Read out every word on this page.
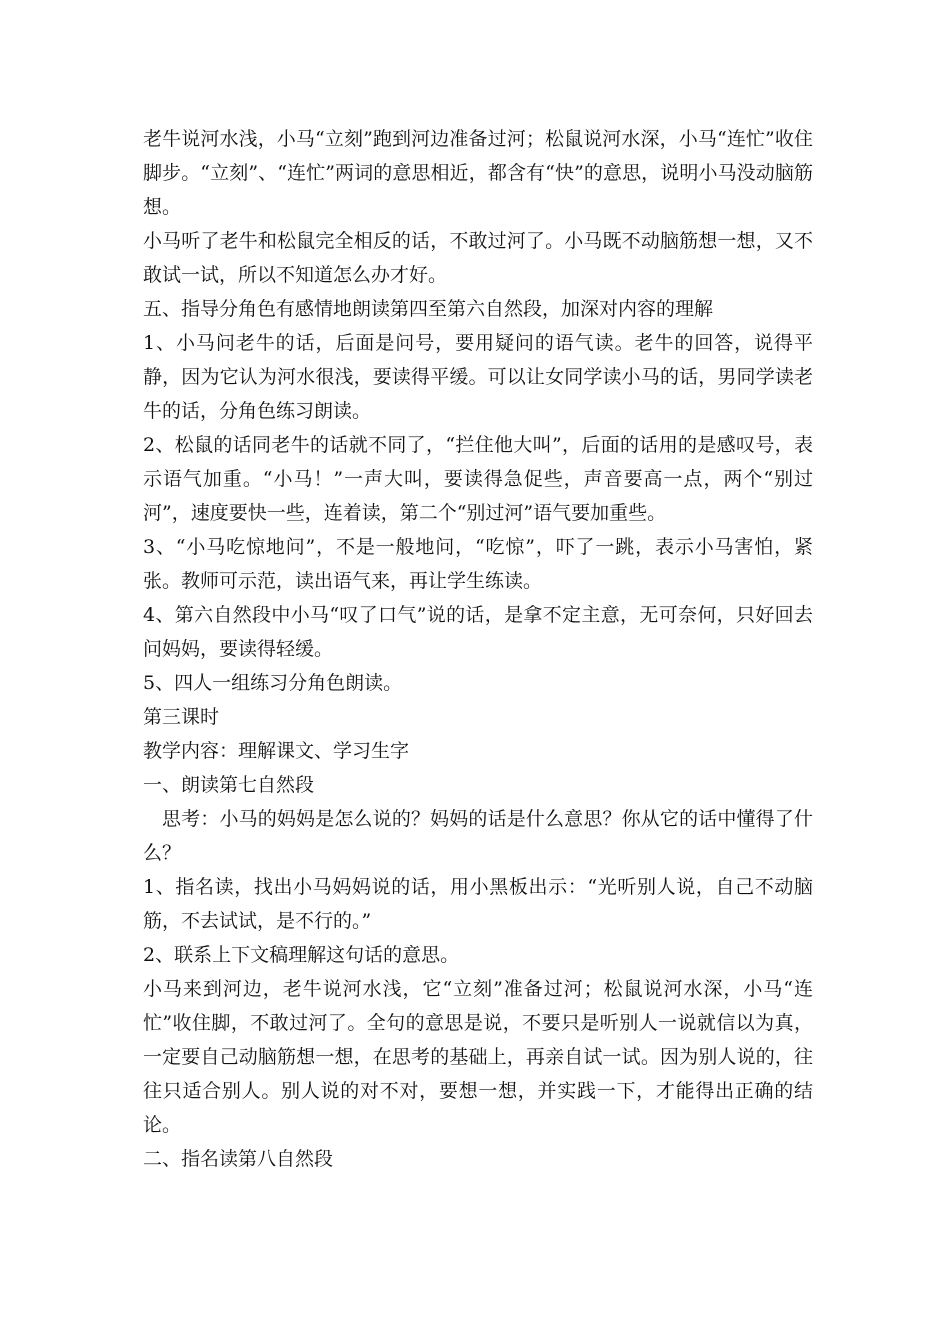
老牛说河水浅，小马“立刻”跑到河边准备过河；松鼠说河水深，小马“连忙”收住脚步。“立刻”、“连忙”两词的意思相近，都含有“快”的意思，说明小马没动脑筋想。

小马听了老牛和松鼠完全相反的话，不敢过河了。小马既不动脑筋想一想，又不敢试一试，所以不知道怎么办才好。

五、指导分角色有感情地朗读第四至第六自然段，加深对内容的理解

1、小马问老牛的话，后面是问号，要用疑问的语气读。老牛的回答，说得平静，因为它认为河水很浅，要读得平缓。可以让女同学读小马的话，男同学读老牛的话，分角色练习朗读。

2、松鼠的话同老牛的话就不同了，“拦住他大叫”，后面的话用的是感叹号，表示语气加重。“小马！”一声大叫，要读得急促些，声音要高一点，两个“别过河”，速度要快一些，连着读，第二个“别过河”语气要加重些。

3、“小马吃惊地问”，不是一般地问，“吃惊”，吓了一跳，表示小马害怕，紧张。教师可示范，读出语气来，再让学生练读。

4、第六自然段中小马“叹了口气”说的话，是拿不定主意，无可奈何，只好回去问妈妈，要读得轻缓。

5、四人一组练习分角色朗读。

第三课时

教学内容：理解课文、学习生字

一、朗读第七自然段

思考：小马的妈妈是怎么说的？妈妈的话是什么意思？你从它的话中懂得了什么？

1、指名读，找出小马妈妈说的话，用小黑板出示：“光听别人说，自己不动脑筋，不去试试，是不行的。”

2、联系上下文稿理解这句话的意思。

小马来到河边，老牛说河水浅，它“立刻”准备过河；松鼠说河水深，小马“连忙”收住脚，不敢过河了。全句的意思是说，不要只是听别人一说就信以为真，一定要自己动脑筋想一想，在思考的基础上，再亲自试一试。因为别人说的，往往只适合别人。别人说的对不对，要想一想，并实践一下，才能得出正确的结论。

二、指名读第八自然段
